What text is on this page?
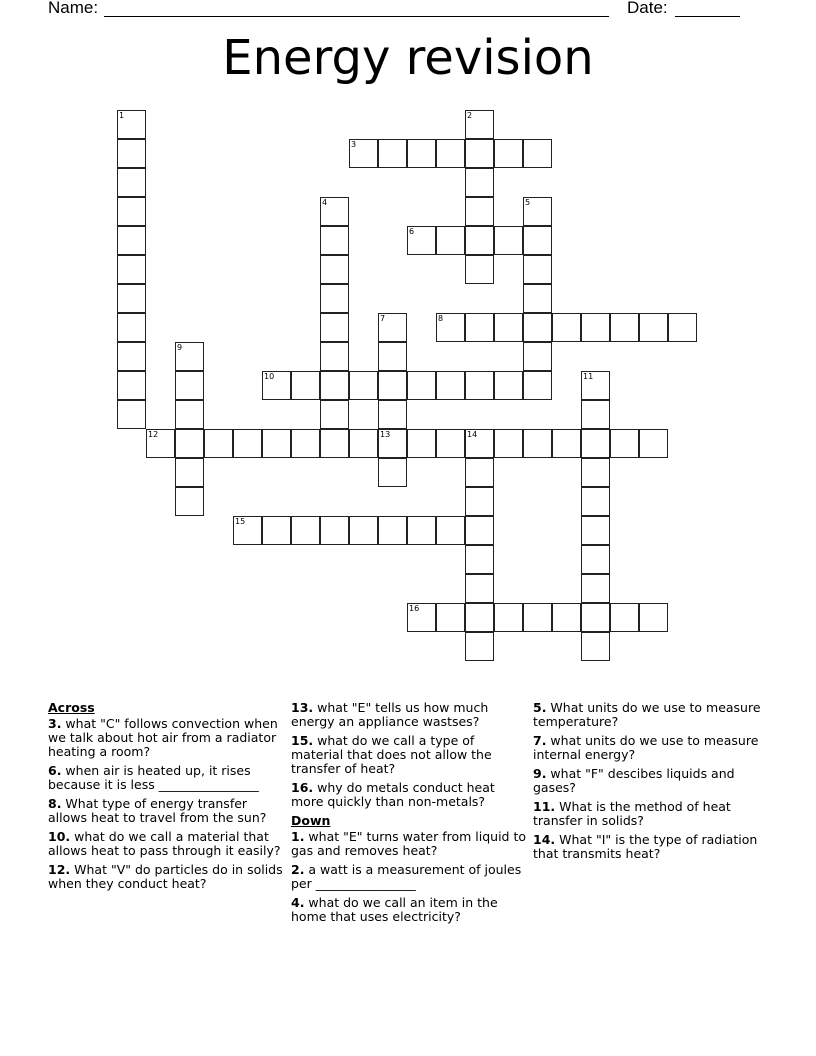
Name:	Date:
Energy revision
1	2
3
4	5
6
7
13
8
9
10	11
12	14
15
16
Across
3. what "C" follows convection when we talk about hot air from a radiator heating a room?
6. when air is heated up, it rises because it is less ________________
8. What type of energy transfer allows heat to travel from the sun?
10. what do we call a material that allows heat to pass through it easily?
12. What "V" do particles do in solids when they conduct heat?
13. what "E" tells us how much energy an appliance wastses?
15. what do we call a type of material that does not allow the transfer of heat?
16. why do metals conduct heat more quickly than non-metals?
Down
1. what "E" turns water from liquid to gas and removes heat?
2. a watt is a measurement of joules per ________________
4. what do we call an item in the home that uses electricity?
5. What units do we use to measure temperature?
7. what units do we use to measure internal energy?
9. what "F" descibes liquids and gases?
11. What is the method of heat transfer in solids?
14. What "I" is the type of radiation that transmits heat?
